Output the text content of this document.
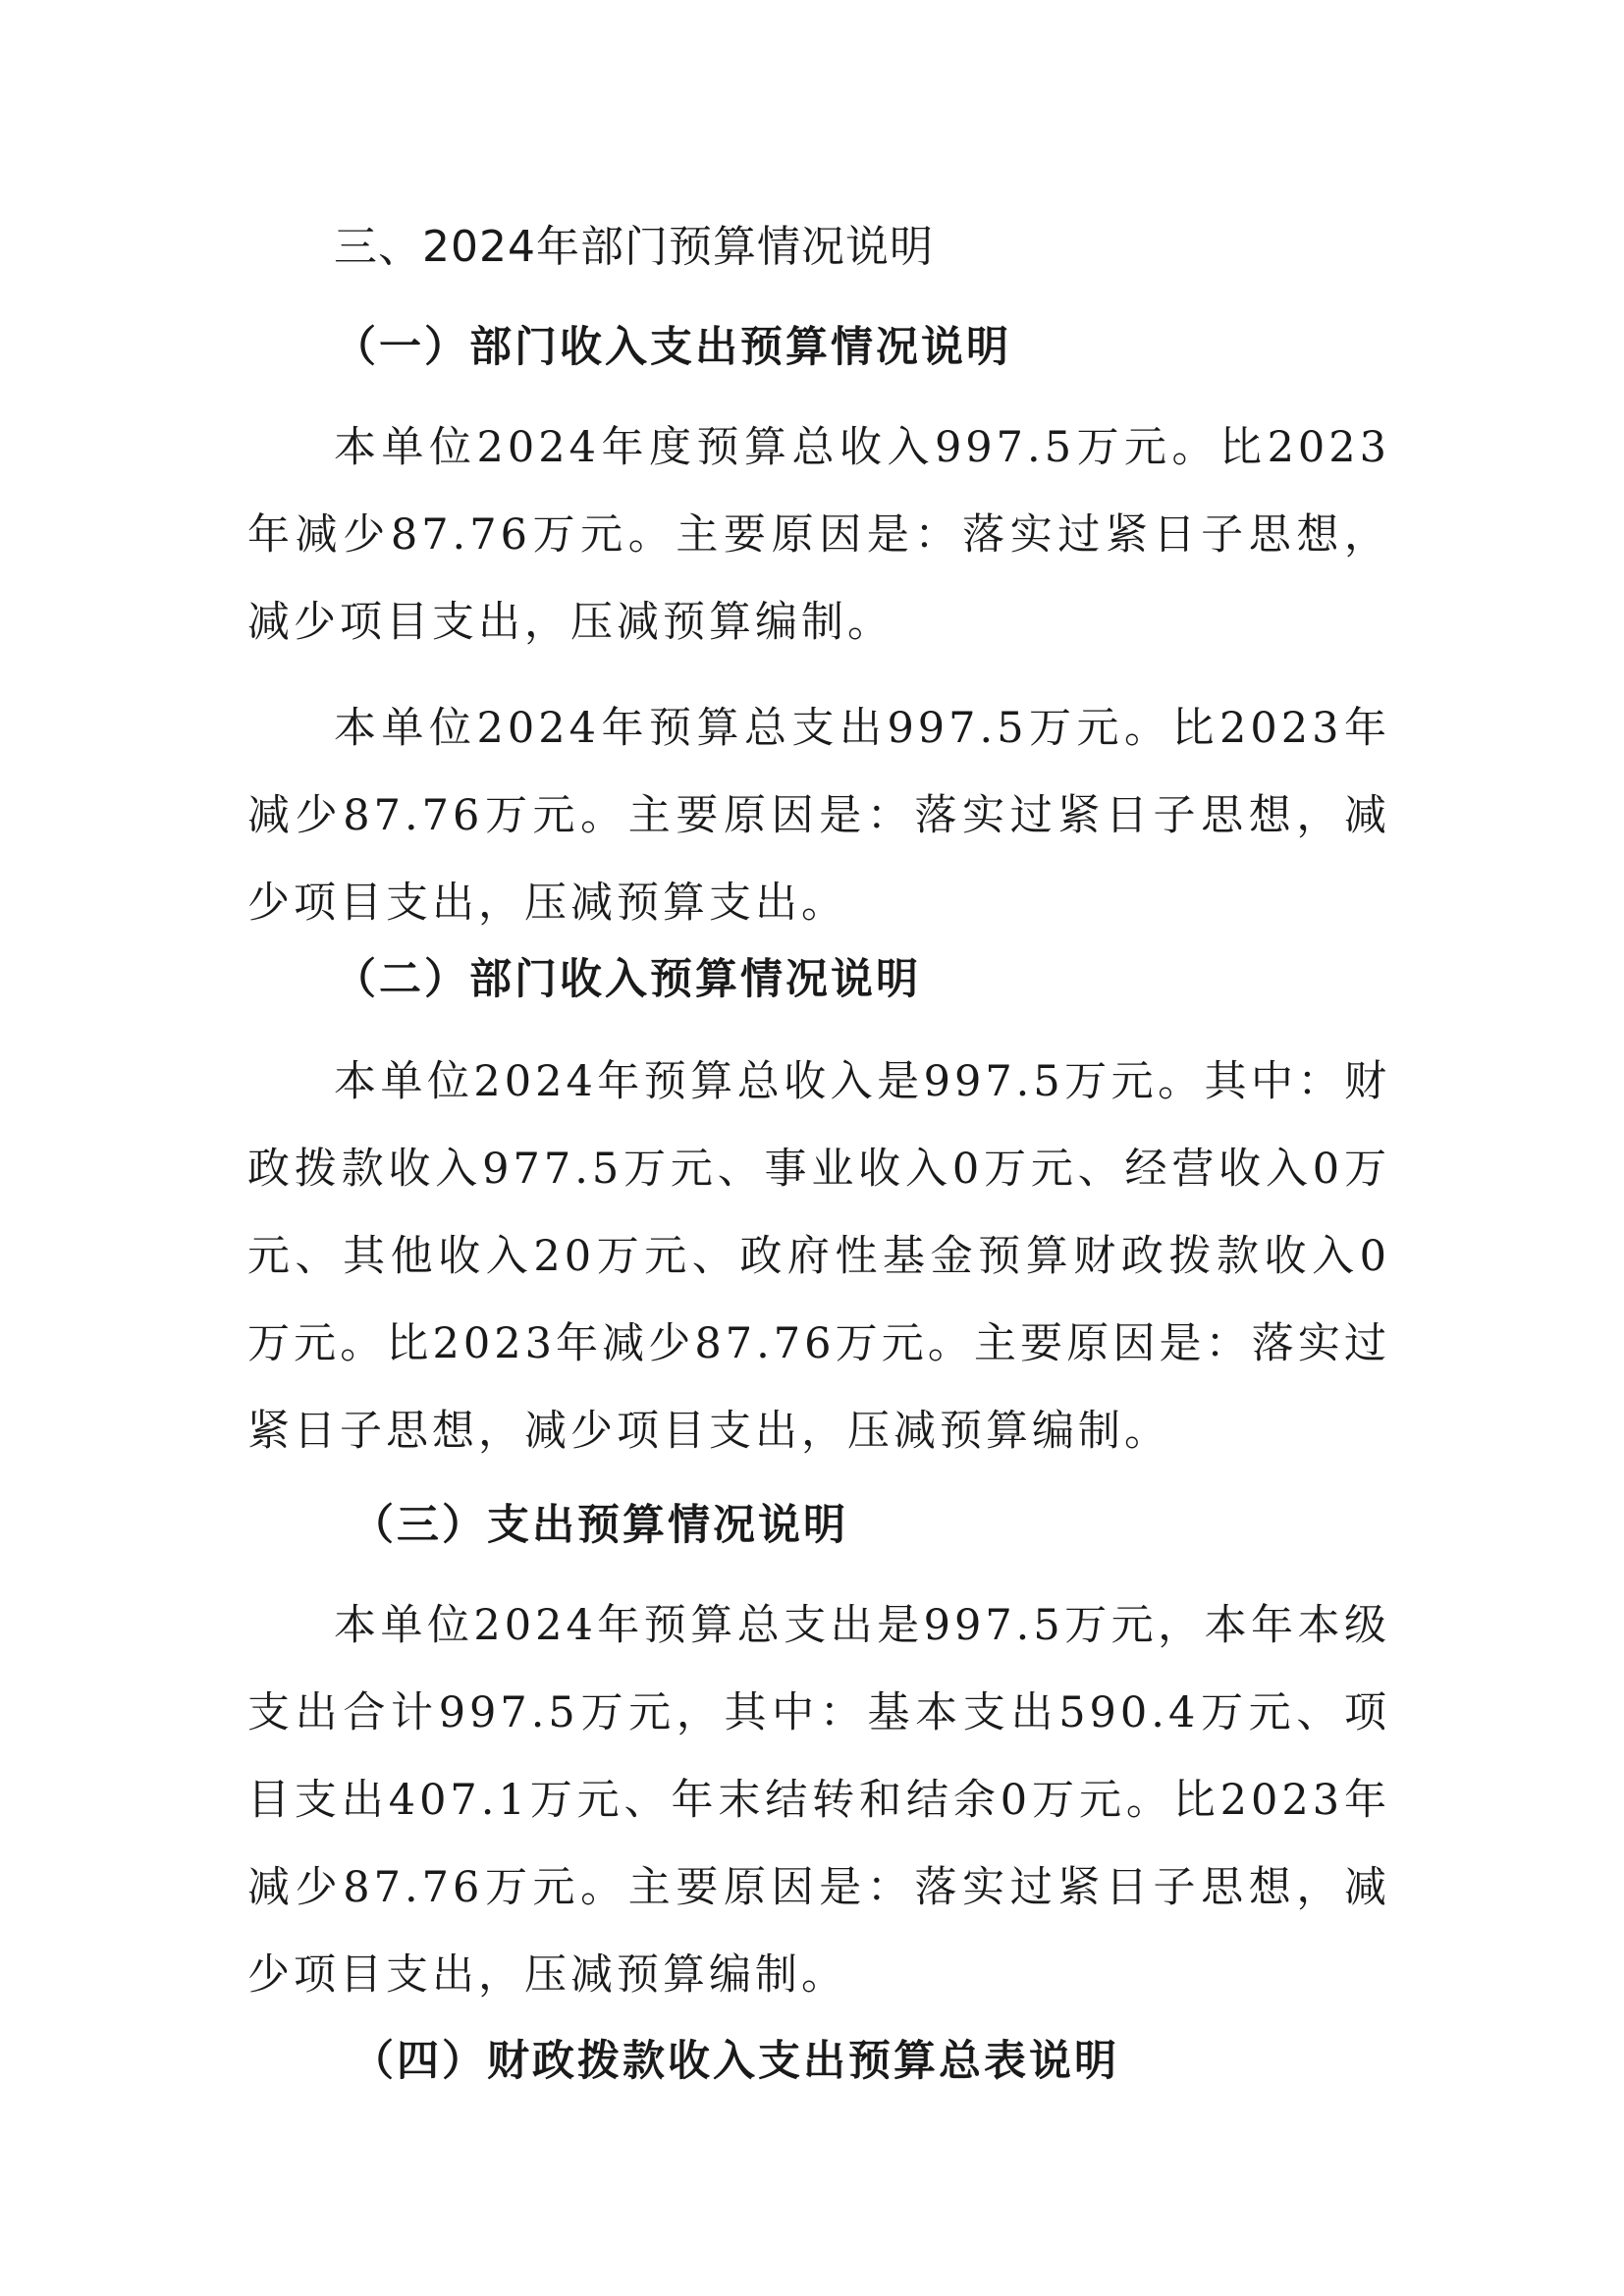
三、2024年部门预算情况说明
（一）部门收入支出预算情况说明

本单位2024年度预算总收入997.5万元。比2023年减少87.76万元。主要原因是：落实过紧日子思想，减少项目支出，压减预算编制。

本单位2024年预算总支出997.5万元。比2023年减少87.76万元。主要原因是：落实过紧日子思想，减少项目支出，压减预算支出。

（二）部门收入预算情况说明

本单位2024年预算总收入是997.5万元。其中：财政拨款收入977.5万元、事业收入0万元、经营收入0万元、其他收入20万元、政府性基金预算财政拨款收入0万元。比2023年减少87.76万元。主要原因是：落实过紧日子思想，减少项目支出，压减预算编制。

（三）支出预算情况说明

本单位2024年预算总支出是997.5万元，本年本级支出合计997.5万元，其中：基本支出590.4万元、项目支出407.1万元、年末结转和结余0万元。比2023年减少87.76万元。主要原因是：落实过紧日子思想，减少项目支出，压减预算编制。

（四）财政拨款收入支出预算总表说明
